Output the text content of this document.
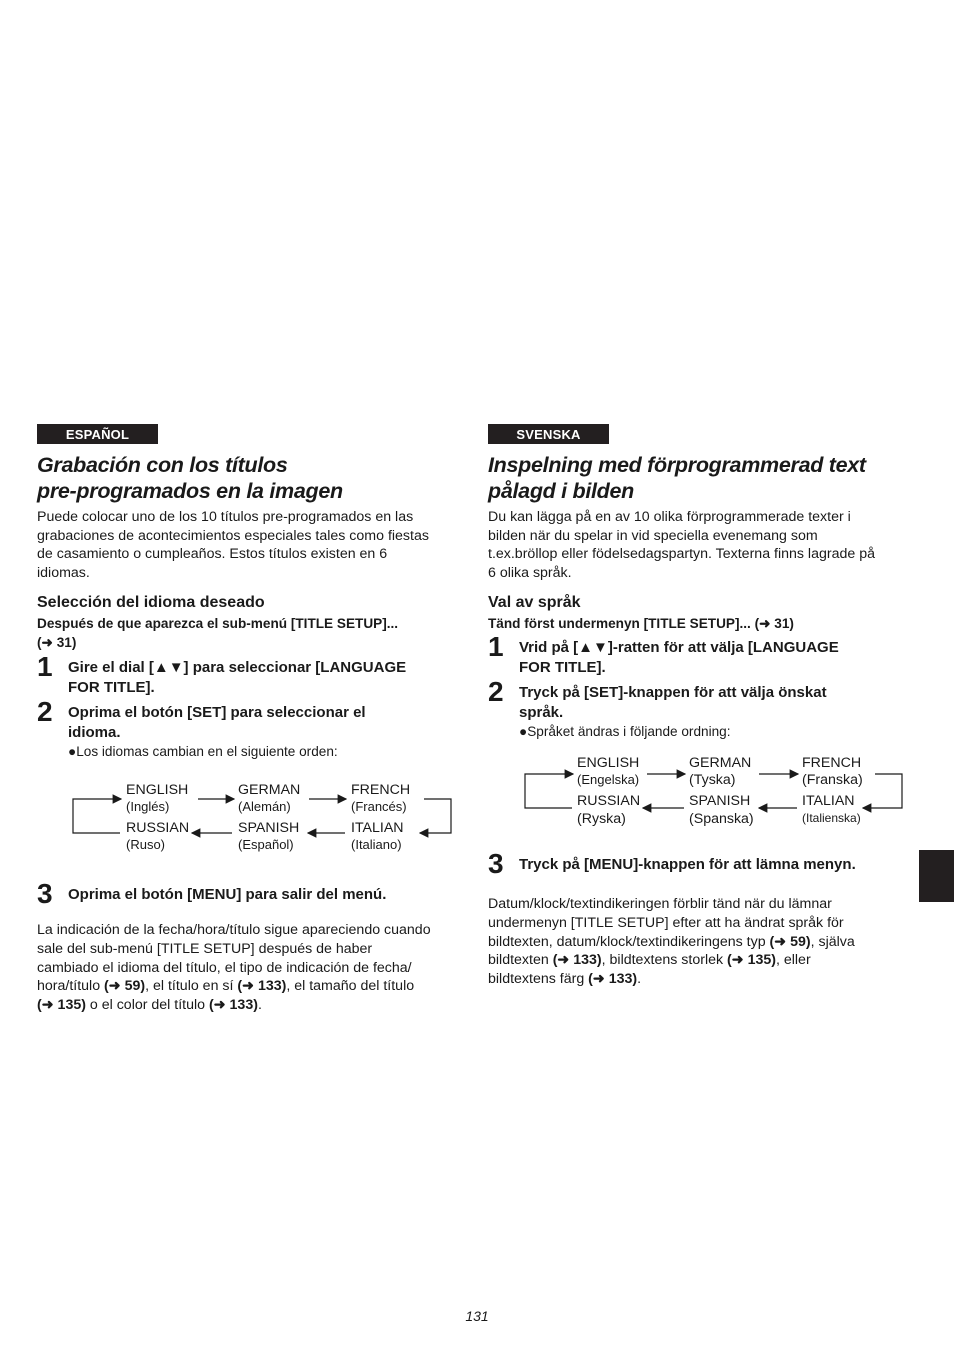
ESPAÑOL
Grabación con los títulos
pre-programados en la imagen

Puede colocar uno de los 10 títulos pre-programados en las

grabaciones de acontecimientos especiales tales como fiestas

de casamiento o cumpleaños. Estos títulos existen en 6

idiomas.

Selección del idioma deseado

Después de que aparezca el sub-menú [TITLE SETUP]...

(➜ 31)

1 Gire el dial [▲▼] para seleccionar [LANGUAGE
FOR TITLE].
2 Oprima el botón [SET] para seleccionar el
idioma.

●Los idiomas cambian en el siguiente orden:

ENGLISH
(Inglés)
GERMAN
(Alemán)
FRENCH
(Francés)
RUSSIAN
(Ruso)
SPANISH
(Español)
ITALIAN
(Italiano)
3 Oprima el botón [MENU] para salir del menú.

La indicación de la fecha/hora/título sigue apareciendo cuando

sale del sub-menú [TITLE SETUP] después de haber

cambiado el idioma del título, el tipo de indicación de fecha/

hora/título (➜ 59), el título en sí (➜ 133), el tamaño del título

(➜ 135) o el color del título (➜ 133).

SVENSKA
Inspelning med förprogrammerad text
pålagd i bilden

Du kan lägga på en av 10 olika förprogrammerade texter i

bilden när du spelar in vid speciella evenemang som

t.ex.bröllop eller födelsedagspartyn. Texterna finns lagrade på

6 olika språk.

Val av språk

Tänd först undermenyn [TITLE SETUP]... (➜ 31)

1 Vrid på [▲▼]-ratten för att välja [LANGUAGE
FOR TITLE].
2 Tryck på [SET]-knappen för att välja önskat
språk.

●Språket ändras i följande ordning:

ENGLISH
(Engelska)
GERMAN
(Tyska)
FRENCH
(Franska)
RUSSIAN
(Ryska)
SPANISH
(Spanska)
ITALIAN
(Italienska)
3 Tryck på [MENU]-knappen för att lämna menyn.

Datum/klock/textindikeringen förblir tänd när du lämnar

undermenyn [TITLE SETUP] efter att ha ändrat språk för

bildtexten, datum/klock/textindikeringens typ (➜ 59), själva

bildtexten (➜ 133), bildtextens storlek (➜ 135), eller

bildtextens färg (➜ 133).

131
